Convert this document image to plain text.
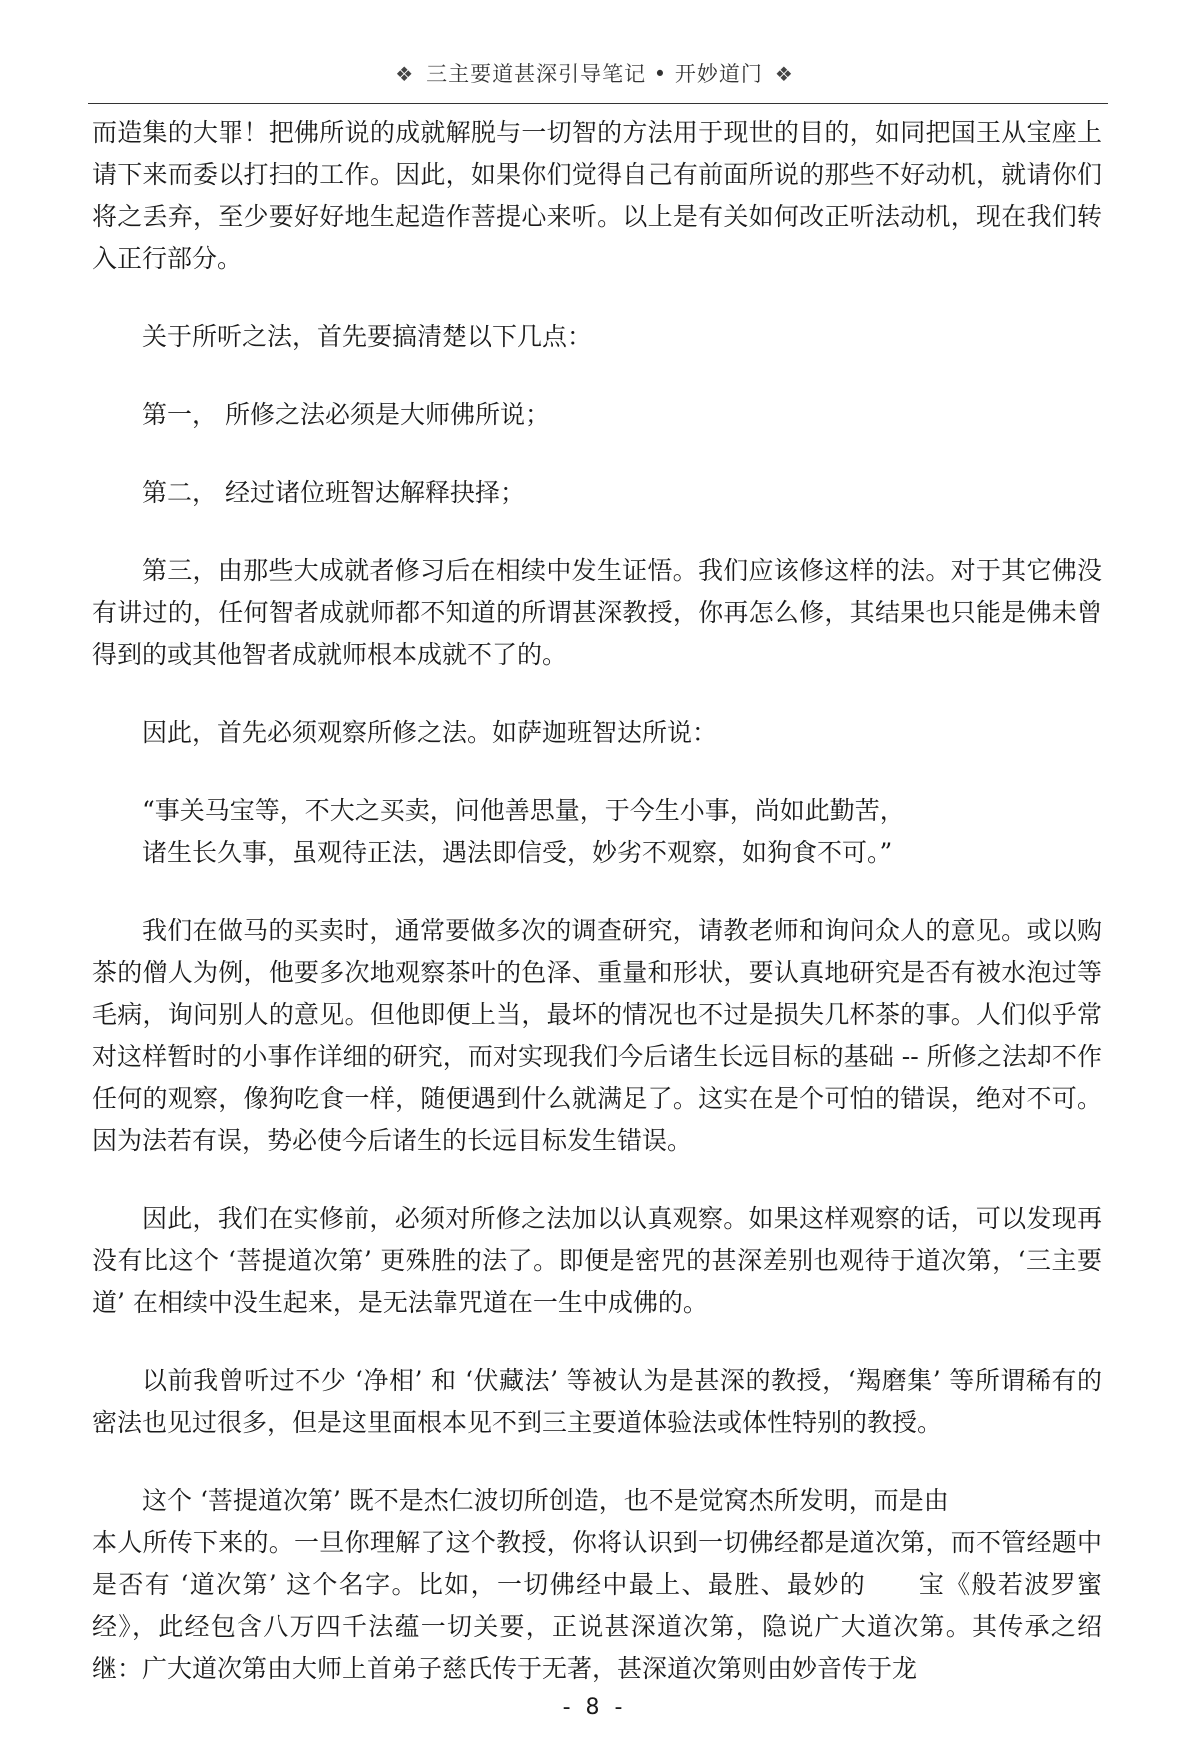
❖ 三主要道甚深引导笔记 • 开妙道门 ❖

而造集的大罪！把佛所说的成就解脱与一切智的方法用于现世的目的，如同把国王从宝座上请下来而委以打扫的工作。因此，如果你们觉得自己有前面所说的那些不好动机，就请你们将之丢弃，至少要好好地生起造作菩提心来听。以上是有关如何改正听法动机，现在我们转入正行部分。

关于所听之法，首先要搞清楚以下几点：

第一， 所修之法必须是大师佛所说；

第二， 经过诸位班智达解释抉择；

第三，由那些大成就者修习后在相续中发生证悟。我们应该修这样的法。对于其它佛没有讲过的，任何智者成就师都不知道的所谓甚深教授，你再怎么修，其结果也只能是佛未曾得到的或其他智者成就师根本成就不了的。

因此，首先必须观察所修之法。如萨迦班智达所说：

“事关马宝等，不大之买卖，问他善思量，于今生小事，尚如此勤苦，

诸生长久事，虽观待正法，遇法即信受，妙劣不观察，如狗食不可。”

我们在做马的买卖时，通常要做多次的调查研究，请教老师和询问众人的意见。或以购茶的僧人为例，他要多次地观察茶叶的色泽、重量和形状，要认真地研究是否有被水泡过等毛病，询问别人的意见。但他即便上当，最坏的情况也不过是损失几杯茶的事。人们似乎常对这样暂时的小事作详细的研究，而对实现我们今后诸生长远目标的基础 -- 所修之法却不作任何的观察，像狗吃食一样，随便遇到什么就满足了。这实在是个可怕的错误，绝对不可。因为法若有误，势必使今后诸生的长远目标发生错误。

因此，我们在实修前，必须对所修之法加以认真观察。如果这样观察的话，可以发现再没有比这个 ‘菩提道次第’ 更殊胜的法了。即便是密咒的甚深差别也观待于道次第，‘三主要道’ 在相续中没生起来，是无法靠咒道在一生中成佛的。

以前我曾听过不少 ‘净相’ 和 ‘伏藏法’ 等被认为是甚深的教授，‘羯磨集’ 等所谓稀有的密法也见过很多，但是这里面根本见不到三主要道体验法或体性特别的教授。

这个 ‘菩提道次第’ 既不是杰仁波切所创造，也不是觉窝杰所发明，而是由

本人所传下来的。一旦你理解了这个教授，你将认识到一切佛经都是道次第，而不管经题中是否有 ‘道次第’ 这个名字。比如，一切佛经中最上、最胜、最妙的　　宝《般若波罗蜜经》，此经包含八万四千法蕴一切关要，正说甚深道次第，隐说广大道次第。其传承之绍继：广大道次第由大师上首弟子慈氏传于无著，甚深道次第则由妙音传于龙

- 8 -
